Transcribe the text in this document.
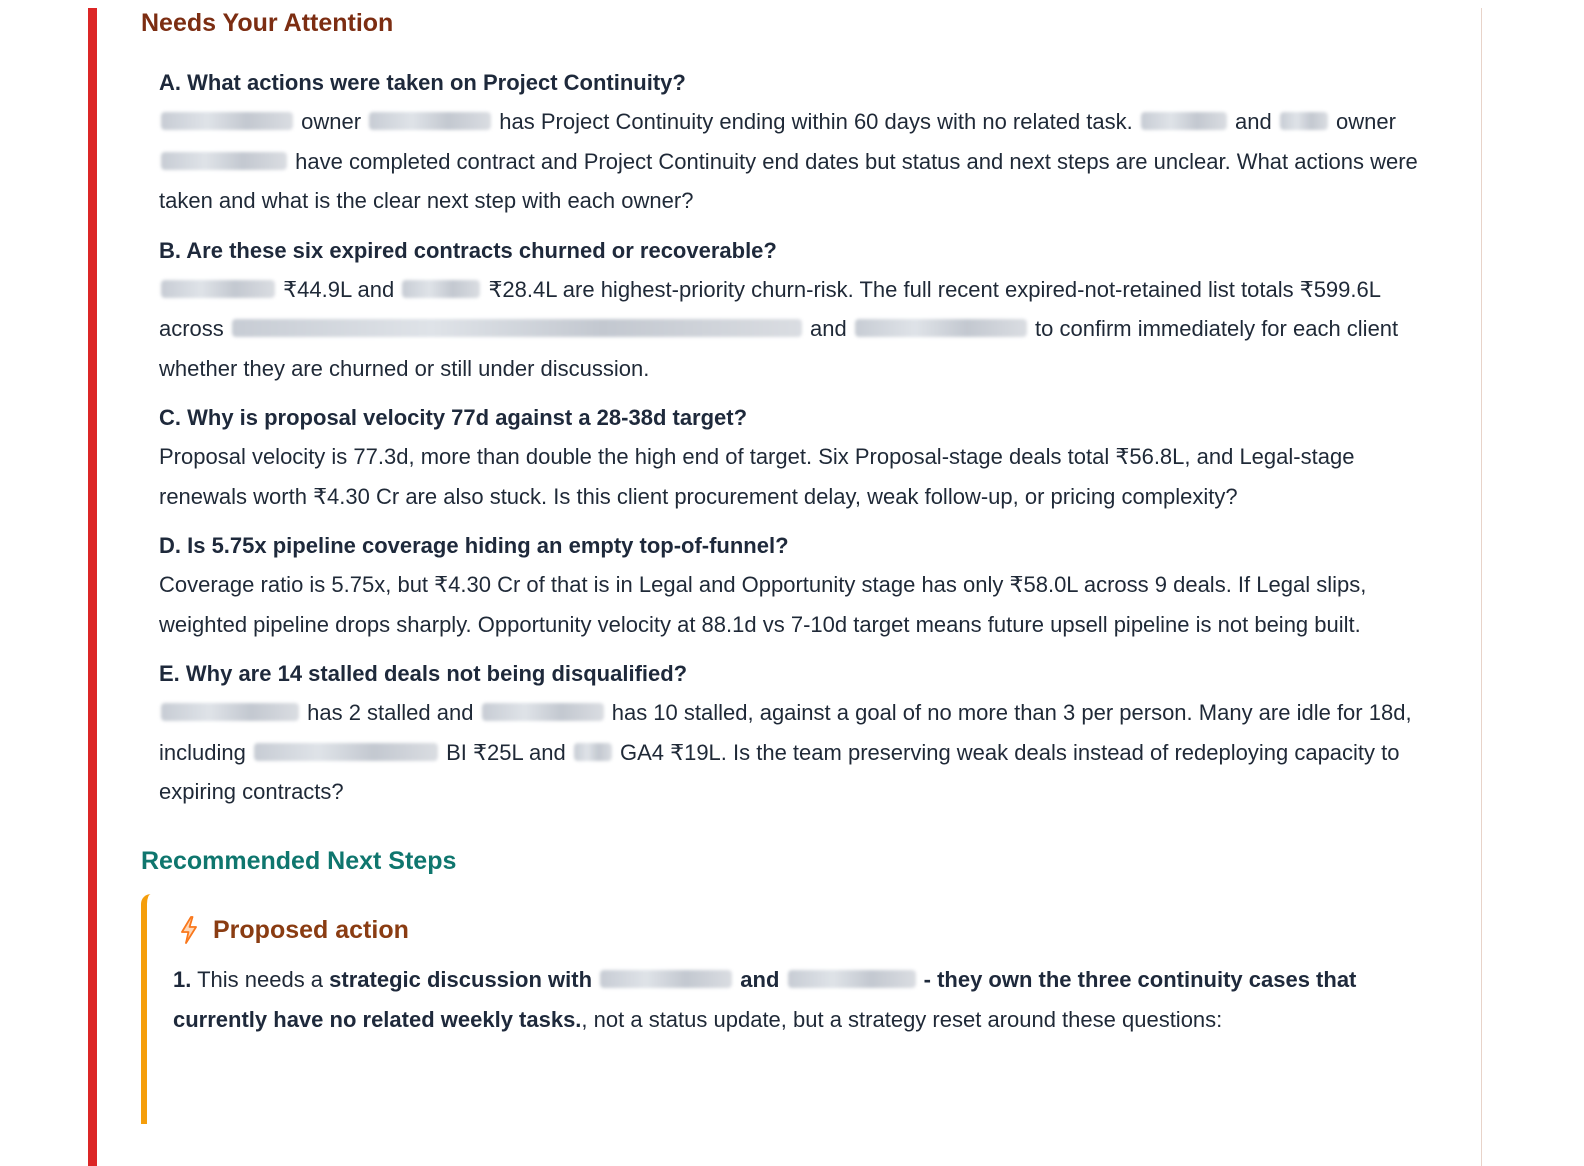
Needs Your Attention
A. What actions were taken on Project Continuity?
owner	has Project Continuity ending within 60 days with no related task.	and	owner  have completed contract and Project Continuity end dates but status and next steps are unclear. What actions were taken and what is the clear next step with each owner?
B. Are these six expired contracts churned or recoverable?
₹44.9L and	₹28.4L are highest-priority churn-risk. The full recent expired-not-retained list totals ₹599.6L across	and	to confirm immediately for each client whether they are churned or still under discussion.
C. Why is proposal velocity 77d against a 28-38d target?
Proposal velocity is 77.3d, more than double the high end of target. Six Proposal-stage deals total ₹56.8L, and Legal-stage renewals worth ₹4.30 Cr are also stuck. Is this client procurement delay, weak follow-up, or pricing complexity?
D. Is 5.75x pipeline coverage hiding an empty top-of-funnel?
Coverage ratio is 5.75x, but ₹4.30 Cr of that is in Legal and Opportunity stage has only ₹58.0L across 9 deals. If Legal slips, weighted pipeline drops sharply. Opportunity velocity at 88.1d vs 7-10d target means future upsell pipeline is not being built.
E. Why are 14 stalled deals not being disqualified?
has 2 stalled and	has 10 stalled, against a goal of no more than 3 per person. Many are idle for 18d, including	BI ₹25L and GA4 ₹19L. Is the team preserving weak deals instead of redeploying capacity to expiring contracts?
Recommended Next Steps
Proposed action
1. This needs a strategic discussion with	and	- they own the three continuity cases that currently have no related weekly tasks., not a status update, but a strategy reset around these questions:
